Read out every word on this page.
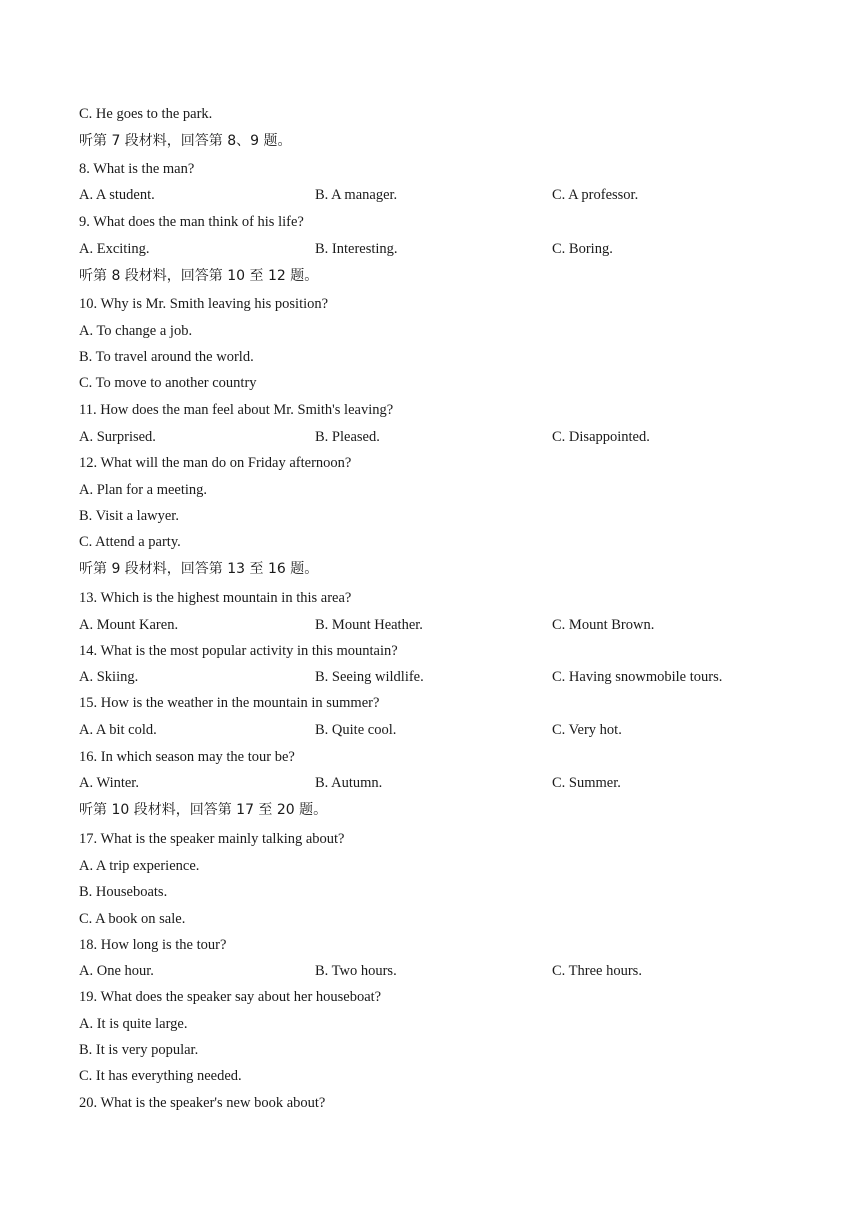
C. He goes to the park.
听第 7 段材料，回答第 8、9 题。
8. What is the man?
A. A student.	B. A manager.	C. A professor.
9. What does the man think of his life?
A. Exciting.	B. Interesting.	C. Boring.
听第 8 段材料，回答第 10 至 12 题。
10. Why is Mr. Smith leaving his position?
A. To change a job.
B. To travel around the world.
C. To move to another country
11. How does the man feel about Mr. Smith's leaving?
A. Surprised.	B. Pleased.	C. Disappointed.
12. What will the man do on Friday afternoon?
A. Plan for a meeting.
B. Visit a lawyer.
C. Attend a party.
听第 9 段材料，回答第 13 至 16 题。
13. Which is the highest mountain in this area?
A. Mount Karen.	B. Mount Heather.	C. Mount Brown.
14. What is the most popular activity in this mountain?
A. Skiing.	B. Seeing wildlife.	C. Having snowmobile tours.
15. How is the weather in the mountain in summer?
A. A bit cold.	B. Quite cool.	C. Very hot.
16. In which season may the tour be?
A. Winter.	B. Autumn.	C. Summer.
听第 10 段材料，回答第 17 至 20 题。
17. What is the speaker mainly talking about?
A. A trip experience.
B. Houseboats.
C. A book on sale.
18. How long is the tour?
A. One hour.	B. Two hours.	C. Three hours.
19. What does the speaker say about her houseboat?
A. It is quite large.
B. It is very popular.
C. It has everything needed.
20. What is the speaker's new book about?
